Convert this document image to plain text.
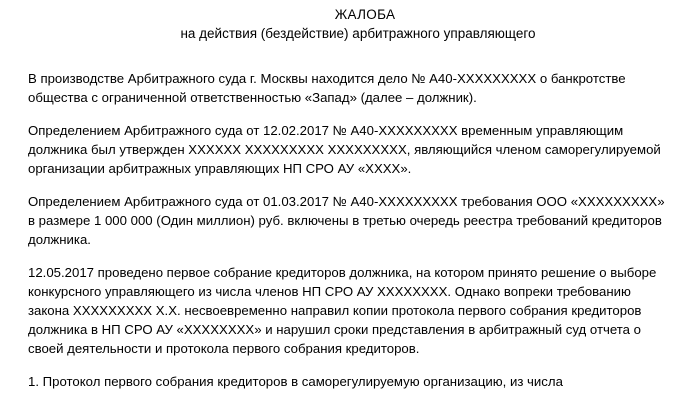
ЖАЛОБА
на действия (бездействие) арбитражного управляющего

В производстве Арбитражного суда г. Москвы находится дело № А40-ХХХХХХХХХ о банкротстве общества с ограниченной ответственностью «Запад» (далее – должник).

Определением Арбитражного суда от 12.02.2017 № А40-ХХХХХХХХХ временным управляющим должника был утвержден ХХХХХХ ХХХХХХХХХ ХХХХХХХХХ, являющийся членом саморегулируемой организации арбитражных управляющих НП СРО АУ «ХХХХ».

Определением Арбитражного суда от 01.03.2017 № А40-ХХХХХХХХХ требования ООО «ХХХХХХХХХ» в размере 1 000 000 (Один миллион) руб. включены в третью очередь реестра требований кредиторов должника.

12.05.2017 проведено первое собрание кредиторов должника, на котором принято решение о выборе конкурсного управляющего из числа членов НП СРО АУ ХХХХХХХХ. Однако вопреки требованию закона ХХХХХХХХХ Х.Х. несвоевременно направил копии протокола первого собрания кредиторов должника в НП СРО АУ «ХХХХХХХХ» и нарушил сроки представления в арбитражный суд отчета о своей деятельности и протокола первого собрания кредиторов.

1. Протокол первого собрания кредиторов в саморегулируемую организацию, из числа
